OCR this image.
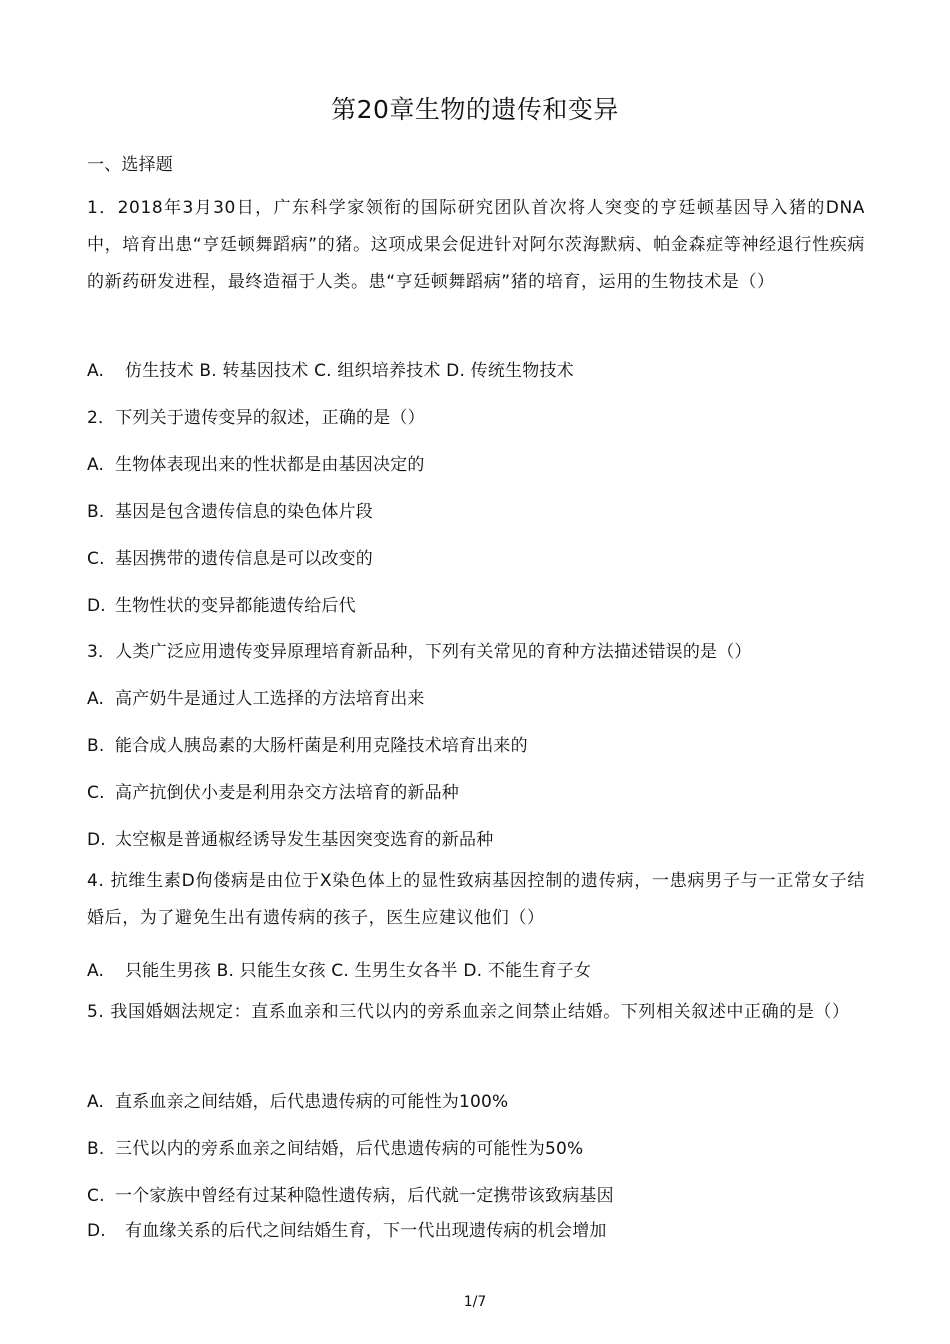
第20章生物的遗传和变异
一、选择题
1．2018年3月30日，广东科学家领衔的国际研究团队首次将人突变的亨廷顿基因导入猪的DNA中，培育出患“亨廷顿舞蹈病”的猪。这项成果会促进针对阿尔茨海默病、帕金森症等神经退行性疾病的新药研发进程，最终造福于人类。患“亨廷顿舞蹈病”猪的培育，运用的生物技术是（）
A. 仿生技术 B. 转基因技术 C. 组织培养技术 D. 传统生物技术
2．下列关于遗传变异的叙述，正确的是（）
A. 生物体表现出来的性状都是由基因决定的
B. 基因是包含遗传信息的染色体片段
C. 基因携带的遗传信息是可以改变的
D. 生物性状的变异都能遗传给后代
3．人类广泛应用遗传变异原理培育新品种，下列有关常见的育种方法描述错误的是（）
A. 高产奶牛是通过人工选择的方法培育出来
B. 能合成人胰岛素的大肠杆菌是利用克隆技术培育出来的
C. 高产抗倒伏小麦是利用杂交方法培育的新品种
D. 太空椒是普通椒经诱导发生基因突变选育的新品种
4. 抗维生素D佝偻病是由位于X染色体上的显性致病基因控制的遗传病，一患病男子与一正常女子结婚后，为了避免生出有遗传病的孩子，医生应建议他们（）
A. 只能生男孩 B. 只能生女孩 C. 生男生女各半 D. 不能生育子女
5. 我国婚姻法规定：直系血亲和三代以内的旁系血亲之间禁止结婚。下列相关叙述中正确的是（）
A. 直系血亲之间结婚，后代患遗传病的可能性为100%
B. 三代以内的旁系血亲之间结婚，后代患遗传病的可能性为50%
C. 一个家族中曾经有过某种隐性遗传病，后代就一定携带该致病基因
D. 有血缘关系的后代之间结婚生育，下一代出现遗传病的机会增加
1/7
